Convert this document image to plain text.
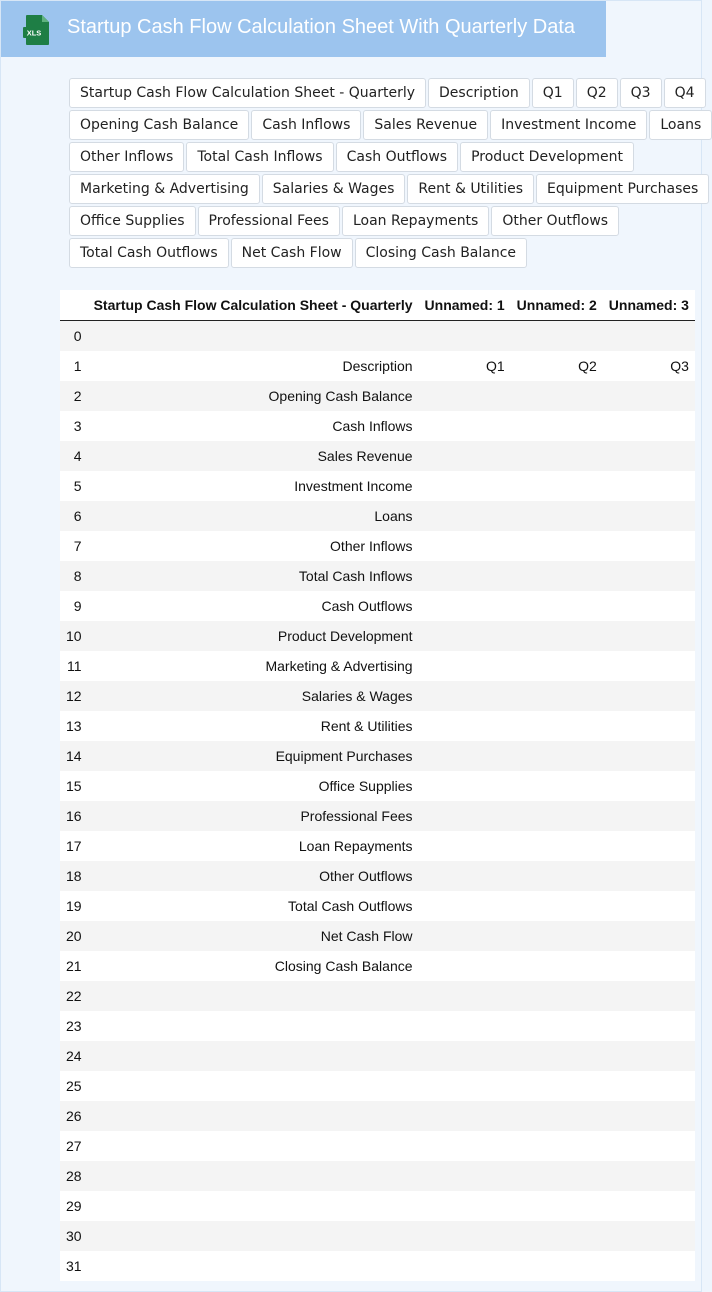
XLS Startup Cash Flow Calculation Sheet With Quarterly Data
Startup Cash Flow Calculation Sheet - Quarterly	Description	Q1	Q2	Q3	Q4
Opening Cash Balance	Cash Inflows	Sales Revenue	Investment Income	Loans
Other Inflows	Total Cash Inflows	Cash Outflows	Product Development
Marketing & Advertising	Salaries & Wages	Rent & Utilities	Equipment Purchases
Office Supplies	Professional Fees	Loan Repayments	Other Outflows
Total Cash Outflows	Net Cash Flow	Closing Cash Balance
	Startup Cash Flow Calculation Sheet - Quarterly	Unnamed: 1	Unnamed: 2	Unnamed: 3
0				
1	Description	Q1	Q2	Q3
2	Opening Cash Balance			
3	Cash Inflows			
4	Sales Revenue			
5	Investment Income			
6	Loans			
7	Other Inflows			
8	Total Cash Inflows			
9	Cash Outflows			
10	Product Development			
11	Marketing & Advertising			
12	Salaries & Wages			
13	Rent & Utilities			
14	Equipment Purchases			
15	Office Supplies			
16	Professional Fees			
17	Loan Repayments			
18	Other Outflows			
19	Total Cash Outflows			
20	Net Cash Flow			
21	Closing Cash Balance			
22				
23				
24				
25				
26				
27				
28				
29				
30				
31				
